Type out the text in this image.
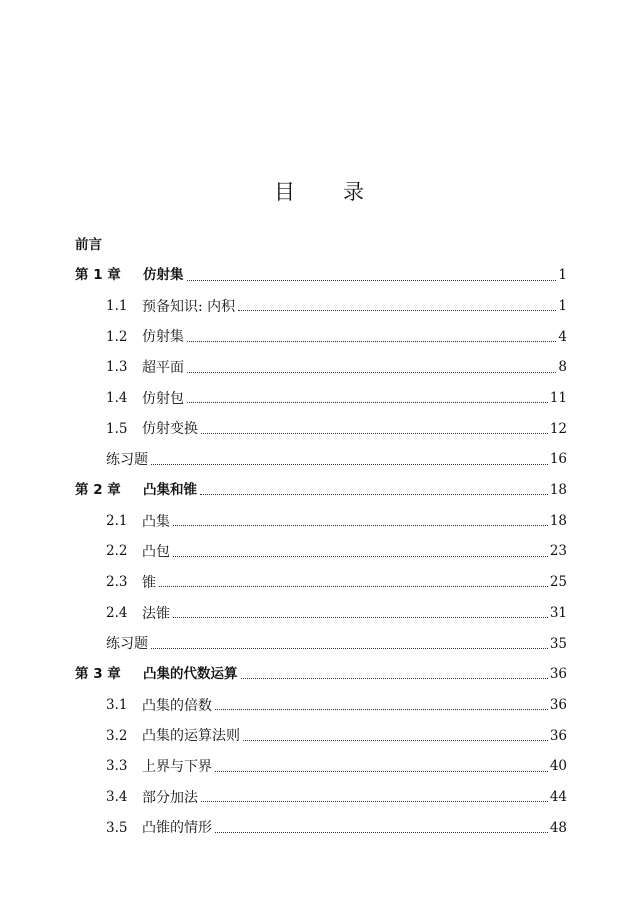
目录
前言
第 1 章	仿射集	1
1.1	预备知识: 内积	1
1.2	仿射集	4
1.3	超平面	8
1.4	仿射包	11
1.5	仿射变换	12
练习题	16
第 2 章	凸集和锥	18
2.1	凸集	18
2.2	凸包	23
2.3	锥	25
2.4	法锥	31
练习题	35
第 3 章	凸集的代数运算	36
3.1	凸集的倍数	36
3.2	凸集的运算法则	36
3.3	上界与下界	40
3.4	部分加法	44
3.5	凸锥的情形	48
